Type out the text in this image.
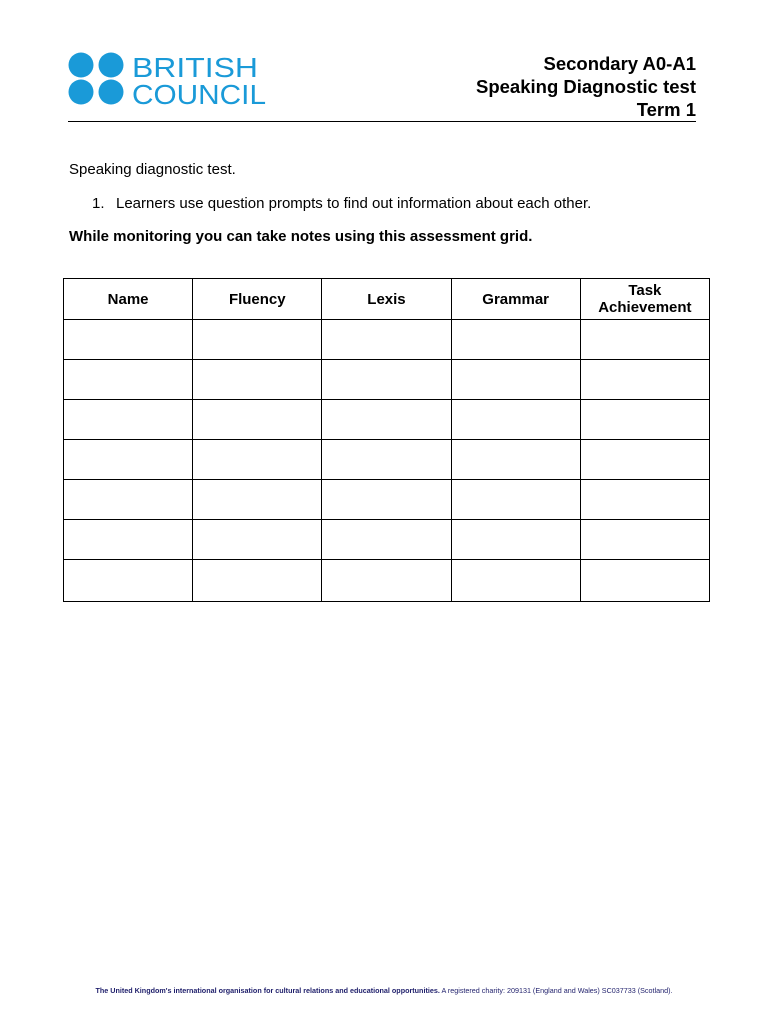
BRITISH
COUNCIL
Secondary A0-A1
Speaking Diagnostic test
Term 1
Speaking diagnostic test.
1. Learners use question prompts to find out information about each other.
While monitoring you can take notes using this assessment grid.
Name	Fluency	Lexis	Grammar	Task Achievement

The United Kingdom's international organisation for cultural relations and educational opportunities. A registered charity: 209131 (England and Wales) SC037733 (Scotland).
